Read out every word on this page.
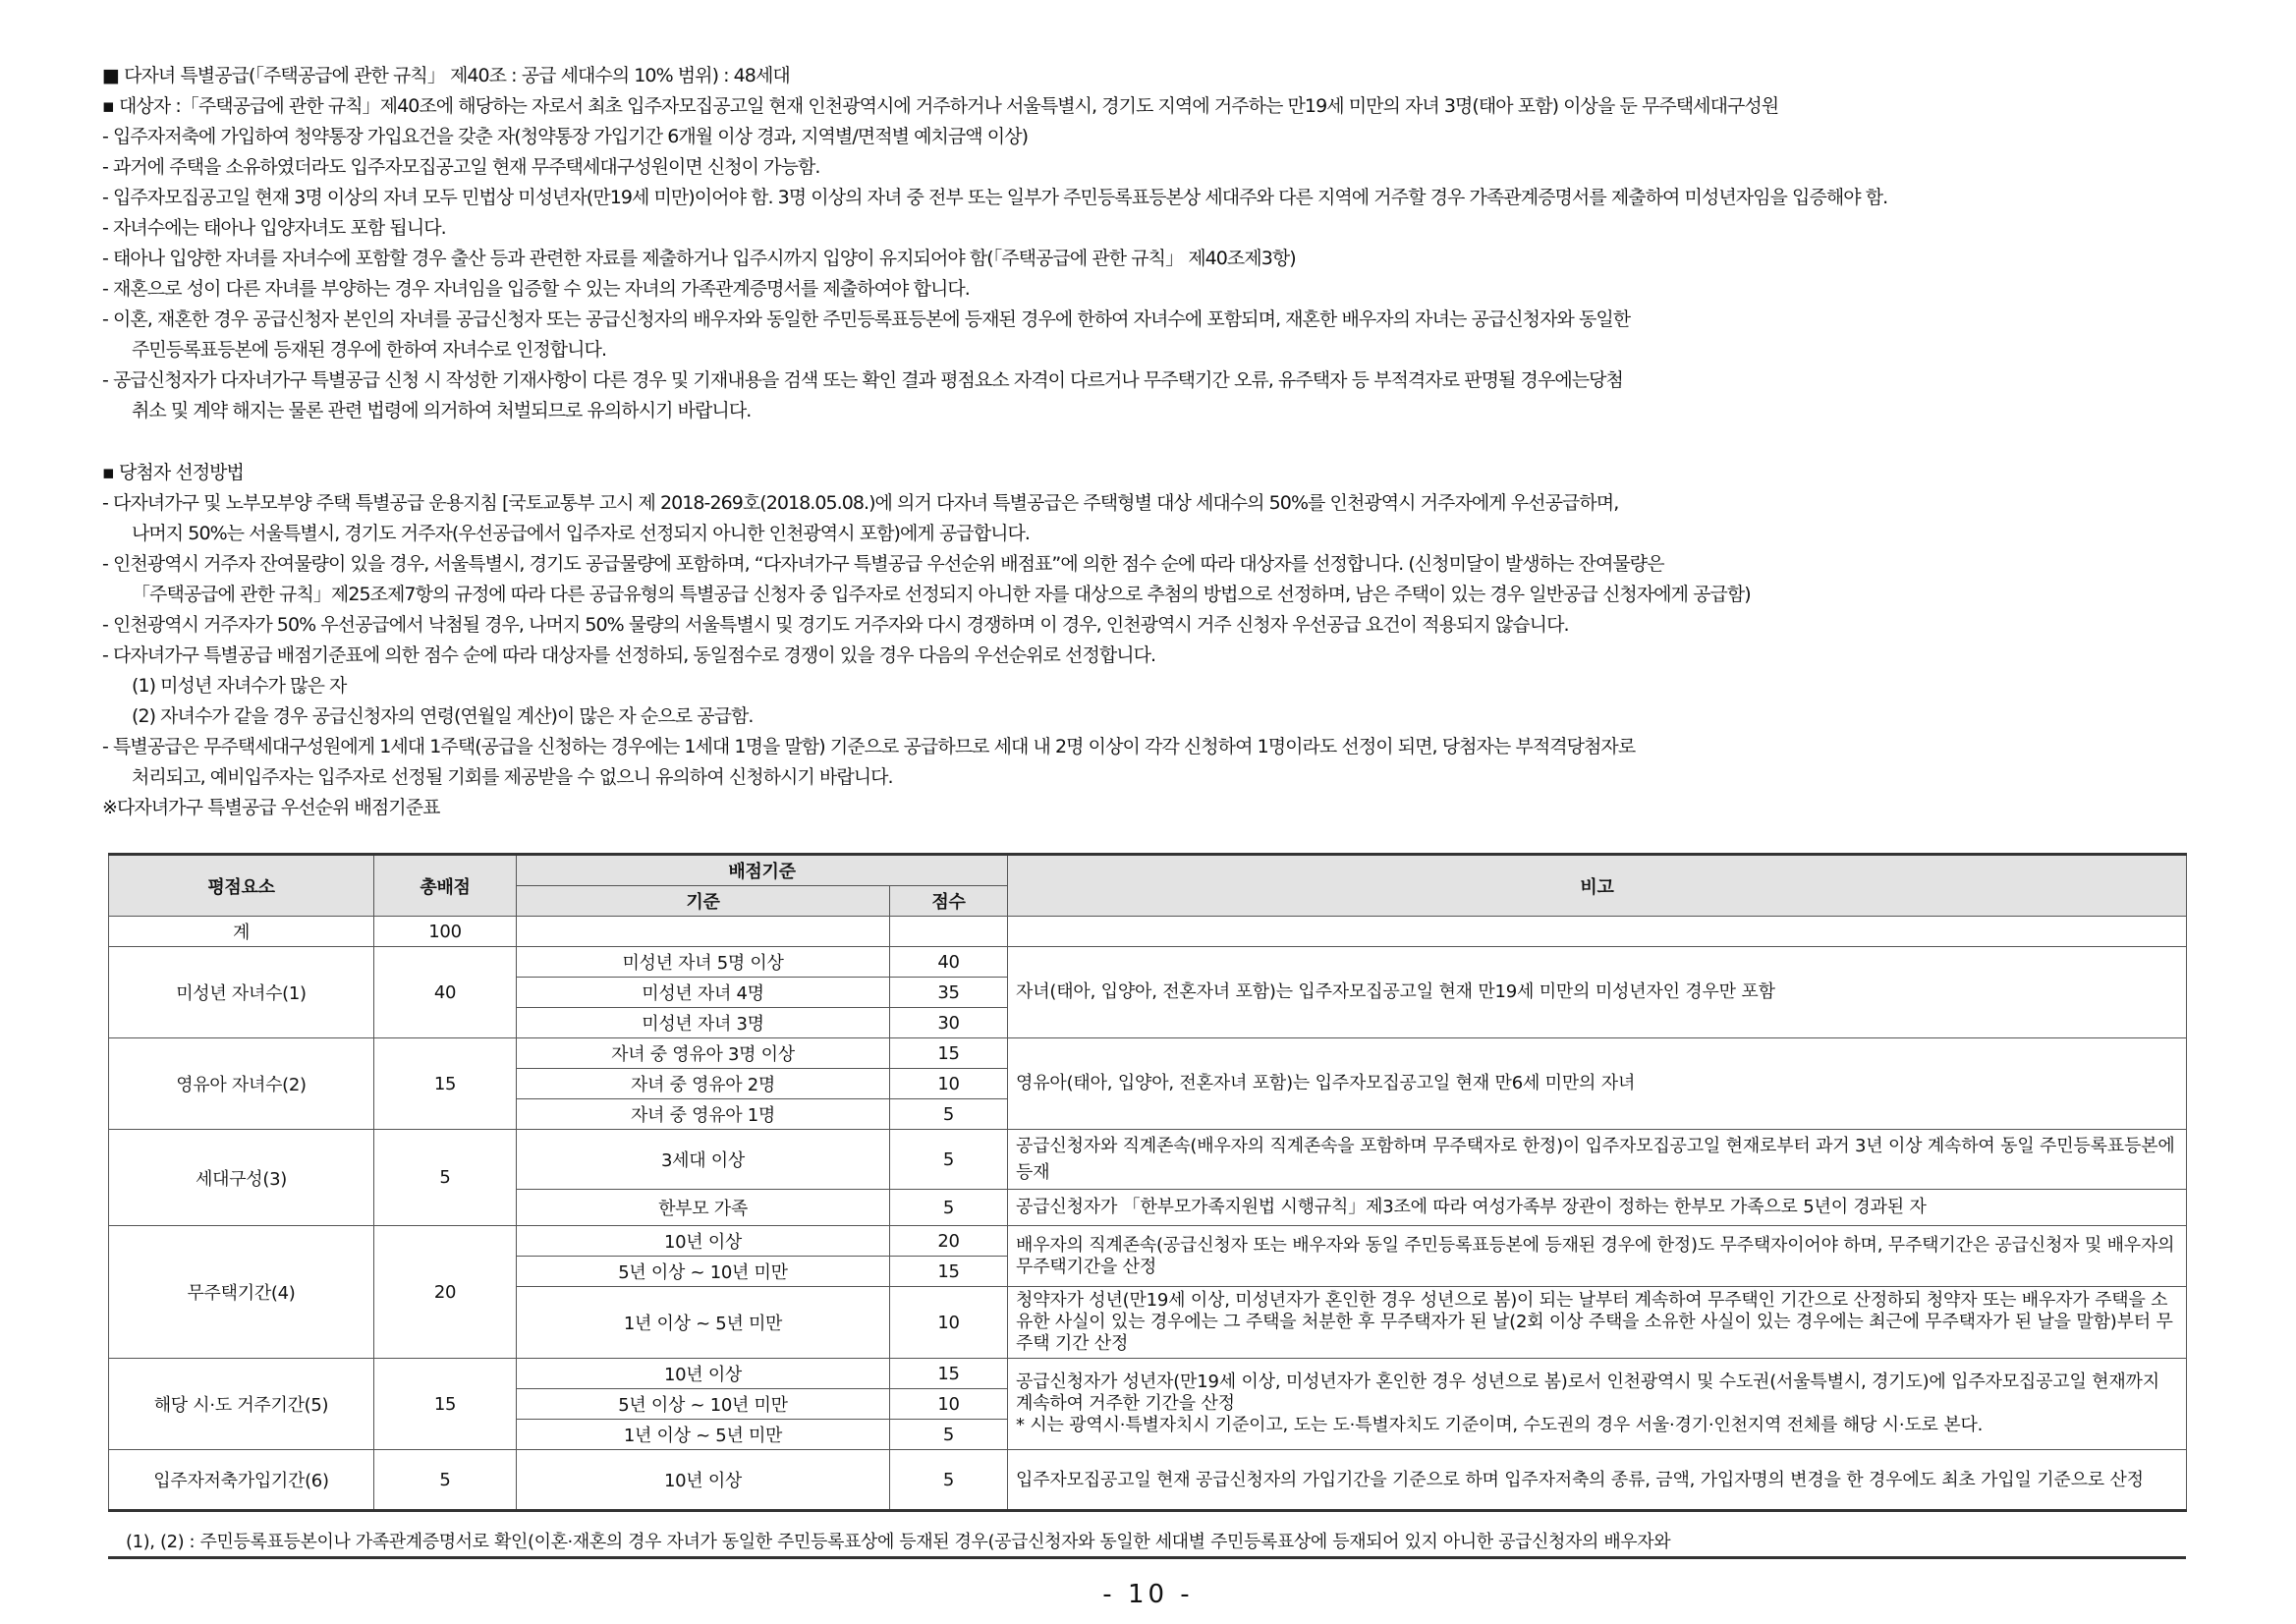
■ 다자녀 특별공급(「주택공급에 관한 규칙」 제40조 : 공급 세대수의 10% 범위) : 48세대
▪ 대상자 :「주택공급에 관한 규칙」제40조에 해당하는 자로서 최초 입주자모집공고일 현재 인천광역시에 거주하거나 서울특별시, 경기도 지역에 거주하는 만19세 미만의 자녀 3명(태아 포함) 이상을 둔 무주택세대구성원
- 입주자저축에 가입하여 청약통장 가입요건을 갖춘 자(청약통장 가입기간 6개월 이상 경과, 지역별/면적별 예치금액 이상)
- 과거에 주택을 소유하였더라도 입주자모집공고일 현재 무주택세대구성원이면 신청이 가능함.
- 입주자모집공고일 현재 3명 이상의 자녀 모두 민법상 미성년자(만19세 미만)이어야 함. 3명 이상의 자녀 중 전부 또는 일부가 주민등록표등본상 세대주와 다른 지역에 거주할 경우 가족관계증명서를 제출하여 미성년자임을 입증해야 함.
- 자녀수에는 태아나 입양자녀도 포함 됩니다.
- 태아나 입양한 자녀를 자녀수에 포함할 경우 출산 등과 관련한 자료를 제출하거나 입주시까지 입양이 유지되어야 함(「주택공급에 관한 규칙」 제40조제3항)
- 재혼으로 성이 다른 자녀를 부양하는 경우 자녀임을 입증할 수 있는 자녀의 가족관계증명서를 제출하여야 합니다.
- 이혼, 재혼한 경우 공급신청자 본인의 자녀를 공급신청자 또는 공급신청자의 배우자와 동일한 주민등록표등본에 등재된 경우에 한하여 자녀수에 포함되며, 재혼한 배우자의 자녀는 공급신청자와 동일한
주민등록표등본에 등재된 경우에 한하여 자녀수로 인정합니다.
- 공급신청자가 다자녀가구 특별공급 신청 시 작성한 기재사항이 다른 경우 및 기재내용을 검색 또는 확인 결과 평점요소 자격이 다르거나 무주택기간 오류, 유주택자 등 부적격자로 판명될 경우에는당첨
취소 및 계약 해지는 물론 관련 법령에 의거하여 처벌되므로 유의하시기 바랍니다.
▪ 당첨자 선정방법
- 다자녀가구 및 노부모부양 주택 특별공급 운용지침 [국토교통부 고시 제 2018-269호(2018.05.08.)에 의거 다자녀 특별공급은 주택형별 대상 세대수의 50%를 인천광역시 거주자에게 우선공급하며,
나머지 50%는 서울특별시, 경기도 거주자(우선공급에서 입주자로 선정되지 아니한 인천광역시 포함)에게 공급합니다.
- 인천광역시 거주자 잔여물량이 있을 경우, 서울특별시, 경기도 공급물량에 포함하며, “다자녀가구 특별공급 우선순위 배점표”에 의한 점수 순에 따라 대상자를 선정합니다. (신청미달이 발생하는 잔여물량은
「주택공급에 관한 규칙」제25조제7항의 규정에 따라 다른 공급유형의 특별공급 신청자 중 입주자로 선정되지 아니한 자를 대상으로 추첨의 방법으로 선정하며, 남은 주택이 있는 경우 일반공급 신청자에게 공급함)
- 인천광역시 거주자가 50% 우선공급에서 낙첨될 경우, 나머지 50% 물량의 서울특별시 및 경기도 거주자와 다시 경쟁하며 이 경우, 인천광역시 거주 신청자 우선공급 요건이 적용되지 않습니다.
- 다자녀가구 특별공급 배점기준표에 의한 점수 순에 따라 대상자를 선정하되, 동일점수로 경쟁이 있을 경우 다음의 우선순위로 선정합니다.
(1) 미성년 자녀수가 많은 자
(2) 자녀수가 같을 경우 공급신청자의 연령(연월일 계산)이 많은 자 순으로 공급함.
- 특별공급은 무주택세대구성원에게 1세대 1주택(공급을 신청하는 경우에는 1세대 1명을 말함) 기준으로 공급하므로 세대 내 2명 이상이 각각 신청하여 1명이라도 선정이 되면, 당첨자는 부적격당첨자로
처리되고, 예비입주자는 입주자로 선정될 기회를 제공받을 수 없으니 유의하여 신청하시기 바랍니다.
※다자녀가구 특별공급 우선순위 배점기준표
평점요소	총배점	배점기준		비고
		기준	점수	
계	100			
미성년 자녀수(1)	40	미성년 자녀 5명 이상	40	자녀(태아, 입양아, 전혼자녀 포함)는 입주자모집공고일 현재 만19세 미만의 미성년자인 경우만 포함
		미성년 자녀 4명	35	
		미성년 자녀 3명	30	
영유아 자녀수(2)	15	자녀 중 영유아 3명 이상	15	영유아(태아, 입양아, 전혼자녀 포함)는 입주자모집공고일 현재 만6세 미만의 자녀
		자녀 중 영유아 2명	10	
		자녀 중 영유아 1명	5	
세대구성(3)	5	3세대 이상	5	공급신청자와 직계존속(배우자의 직계존속을 포함하며 무주택자로 한정)이 입주자모집공고일 현재로부터 과거 3년 이상 계속하여 동일 주민등록표등본에 등재
		한부모 가족	5	공급신청자가 「한부모가족지원법 시행규칙」제3조에 따라 여성가족부 장관이 정하는 한부모 가족으로 5년이 경과된 자
무주택기간(4)	20	10년 이상	20	배우자의 직계존속(공급신청자 또는 배우자와 동일 주민등록표등본에 등재된 경우에 한정)도 무주택자이어야 하며, 무주택기간은 공급신청자 및 배우자의 무주택기간을 산정
		5년 이상 ~ 10년 미만	15	
		1년 이상 ~ 5년 미만	10	청약자가 성년(만19세 이상, 미성년자가 혼인한 경우 성년으로 봄)이 되는 날부터 계속하여 무주택인 기간으로 산정하되 청약자 또는 배우자가 주택을 소유한 사실이 있는 경우에는 그 주택을 처분한 후 무주택자가 된 날(2회 이상 주택을 소유한 사실이 있는 경우에는 최근에 무주택자가 된 날을 말함)부터 무주택 기간 산정
해당 시·도 거주기간(5)	15	10년 이상	15	공급신청자가 성년자(만19세 이상, 미성년자가 혼인한 경우 성년으로 봄)로서 인천광역시 및 수도권(서울특별시, 경기도)에 입주자모집공고일 현재까지 계속하여 거주한 기간을 산정
* 시는 광역시·특별자치시 기준이고, 도는 도·특별자치도 기준이며, 수도권의 경우 서울·경기·인천지역 전체를 해당 시·도로 본다.

		5년 이상 ~ 10년 미만	10	
		1년 이상 ~ 5년 미만	5	
입주자저축가입기간(6)	5	10년 이상	5	입주자모집공고일 현재 공급신청자의 가입기간을 기준으로 하며 입주자저축의 종류, 금액, 가입자명의 변경을 한 경우에도 최초 가입일 기준으로 산정
(1), (2) : 주민등록표등본이나 가족관계증명서로 확인(이혼·재혼의 경우 자녀가 동일한 주민등록표상에 등재된 경우(공급신청자와 동일한 세대별 주민등록표상에 등재되어 있지 아니한 공급신청자의 배우자와
- 10 -
